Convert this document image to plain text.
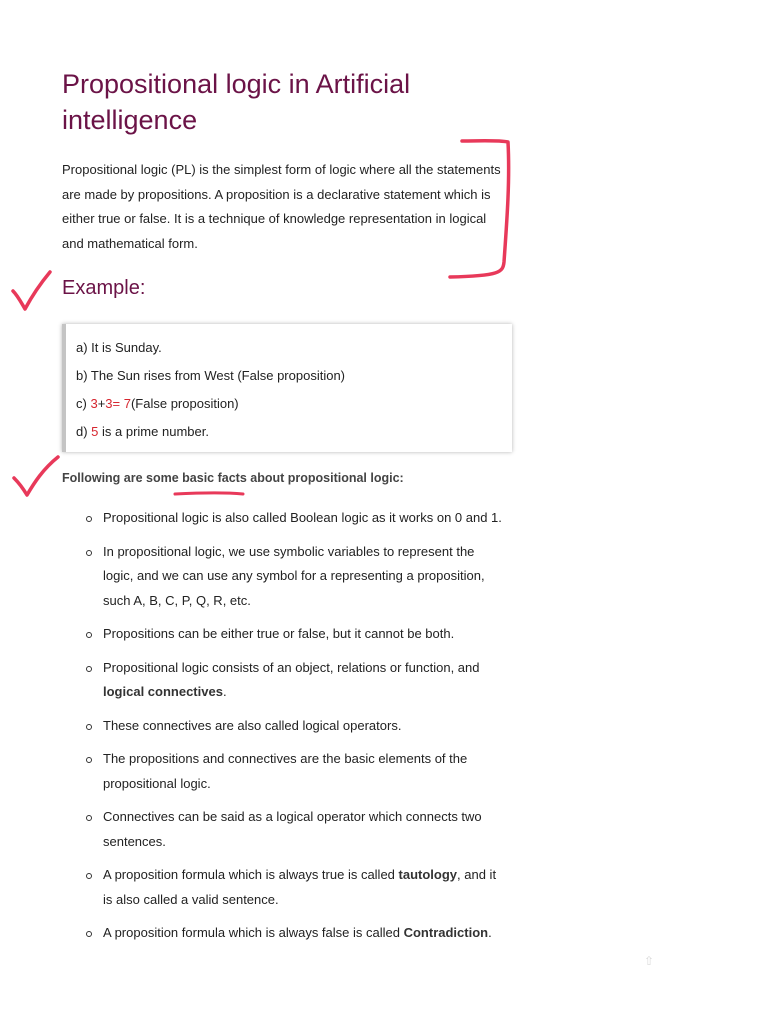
Propositional logic in Artificial intelligence

Propositional logic (PL) is the simplest form of logic where all the statements are made by propositions. A proposition is a declarative statement which is either true or false. It is a technique of knowledge representation in logical and mathematical form.

Example:
a) It is Sunday.
b) The Sun rises from West (False proposition)
c) 3+3= 7(False proposition)
d) 5 is a prime number.

Following are some basic facts about propositional logic:

Propositional logic is also called Boolean logic as it works on 0 and 1.
In propositional logic, we use symbolic variables to represent the logic, and we can use any symbol for a representing a proposition, such A, B, C, P, Q, R, etc.
Propositions can be either true or false, but it cannot be both.
Propositional logic consists of an object, relations or function, and logical connectives.
These connectives are also called logical operators.
The propositions and connectives are the basic elements of the propositional logic.
Connectives can be said as a logical operator which connects two sentences.
A proposition formula which is always true is called tautology, and it is also called a valid sentence.
A proposition formula which is always false is called Contradiction.
⇧
